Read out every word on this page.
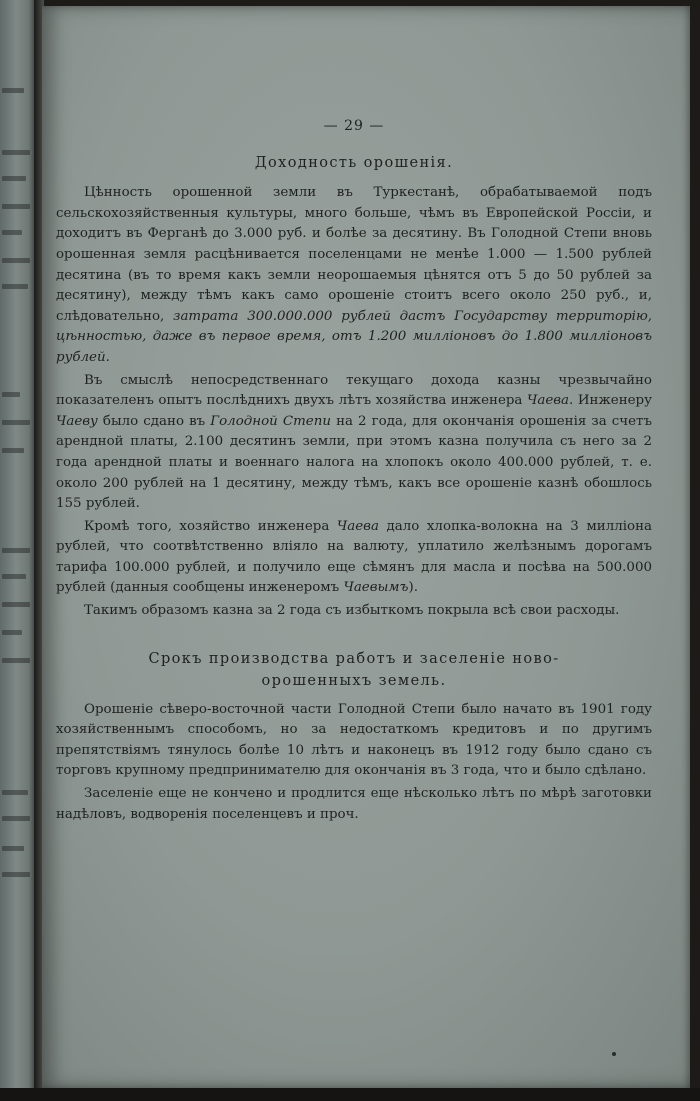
— 29 —
Доходность орошенія.

Цѣнность орошенной земли въ Туркестанѣ, обрабатываемой подъ сельскохозяйственныя культуры, много больше, чѣмъ въ Европейской Россіи, и доходитъ въ Ферганѣ до 3.000 руб. и болѣе за десятину. Въ Голодной Степи вновь орошенная земля расцѣнивается поселенцами не менѣе 1.000 — 1.500 рублей десятина (въ то время какъ земли неорошаемыя цѣнятся отъ 5 до 50 рублей за десятину), между тѣмъ какъ само орошеніе стоитъ всего около 250 руб., и, слѣдовательно, затрата 300.000.000 рублей дастъ Государству территорію, цѣнностью, даже въ первое время, отъ 1.200 милліоновъ до 1.800 милліоновъ рублей.

Въ смыслѣ непосредственнаго текущаго дохода казны чрезвычайно показателенъ опытъ послѣднихъ двухъ лѣтъ хозяйства инженера Чаева. Инженеру Чаеву было сдано въ Голодной Степи на 2 года, для окончанія орошенія за счетъ арендной платы, 2.100 десятинъ земли, при этомъ казна получила съ него за 2 года арендной платы и военнаго налога на хлопокъ около 400.000 рублей, т. е. около 200 рублей на 1 десятину, между тѣмъ, какъ все орошеніе казнѣ обошлось 155 рублей.

Кромѣ того, хозяйство инженера Чаева дало хлопка-волокна на 3 милліона рублей, что соотвѣтственно вліяло на валюту, уплатило желѣзнымъ дорогамъ тарифа 100.000 рублей, и получило еще сѣмянъ для масла и посѣва на 500.000 рублей (данныя сообщены инженеромъ Чаевымъ).

Такимъ образомъ казна за 2 года съ избыткомъ покрыла всѣ свои расходы.

Срокъ производства работъ и заселеніе ново-
орошенныхъ земель.

Орошеніе сѣверо-восточной части Голодной Степи было начато въ 1901 году хозяйственнымъ способомъ, но за недостаткомъ кредитовъ и по другимъ препятствіямъ тянулось болѣе 10 лѣтъ и наконецъ въ 1912 году было сдано съ торговъ крупному предпринимателю для окончанія въ 3 года, что и было сдѣлано.

Заселеніе еще не кончено и продлится еще нѣсколько лѣтъ по мѣрѣ заготовки надѣловъ, водворенія поселенцевъ и проч.
